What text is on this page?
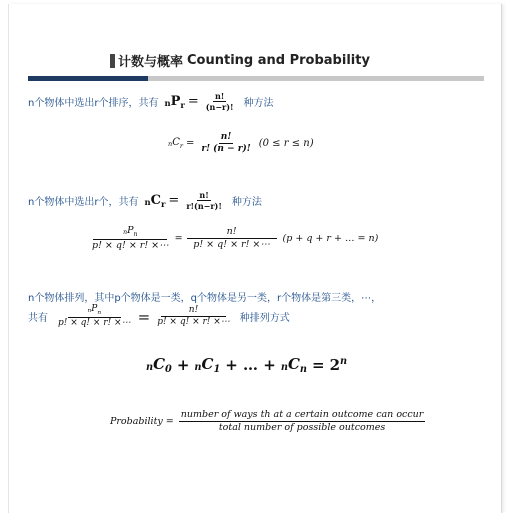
计数与概率 Counting and Probability
n个物体中选出r个排序，共有 $nP_r = \frac{n!}{(n-r)!}$ 种方法
$nC_r = \frac{n!}{r! (n - r)!} (0 \le r \le n)$
n个物体中选出r个，共有 $nC_r = \frac{n!}{r!(n-r)!}$ 种方法
$\frac{nP_n}{p! \times q! \times r! \times\cdots} = \frac{n!}{p! \times q! \times r! \times\cdots} (p + q + r$ + … = n)
n个物体排列，其中p个物体是一类，q个物体是另一类，r个物体是第三类，⋯，
共有 $\frac{nP_n}{p! \times q! \times r! \times\cdots} = \frac{n!}{p! \times q! \times r! \times\cdots}$ 种排列方式
$nC_0 + nC_1$ + … + $nC_n = 2^n$
Probability = $\frac{\text{number of ways th at a certain outcome can occur}}{\text{total number of possible outcomes}}$
